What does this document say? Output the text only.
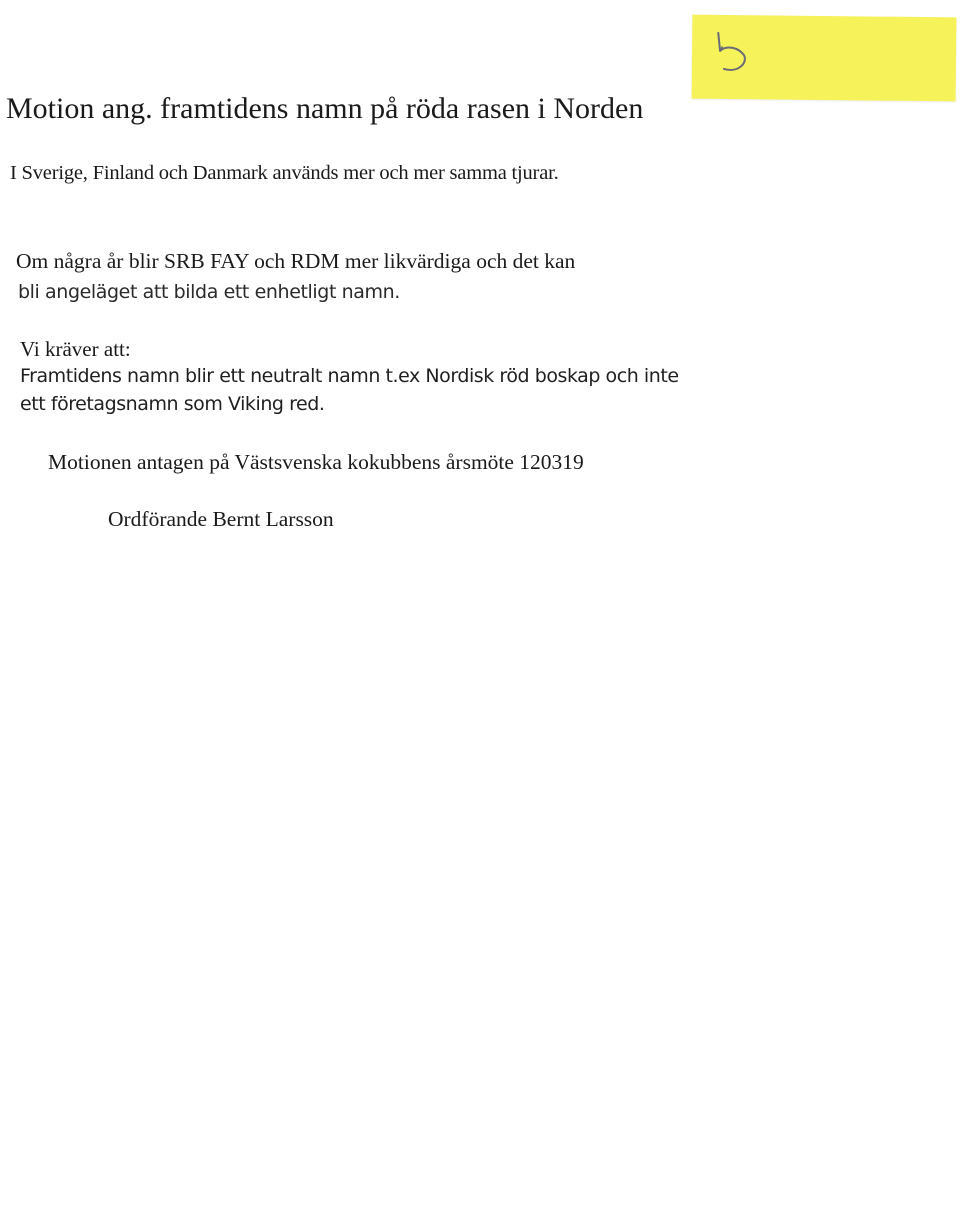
Motion ang. framtidens namn på röda rasen i Norden
I Sverige, Finland och Danmark används mer och mer samma tjurar.
Om några år blir SRB FAY och RDM mer likvärdiga och det kan
bli angeläget att bilda ett enhetligt namn.
Vi kräver att:
Framtidens namn blir ett neutralt namn t.ex Nordisk röd boskap och inte
ett företagsnamn som Viking red.
Motionen antagen på Västsvenska kokubbens årsmöte 120319
Ordförande Bernt Larsson
